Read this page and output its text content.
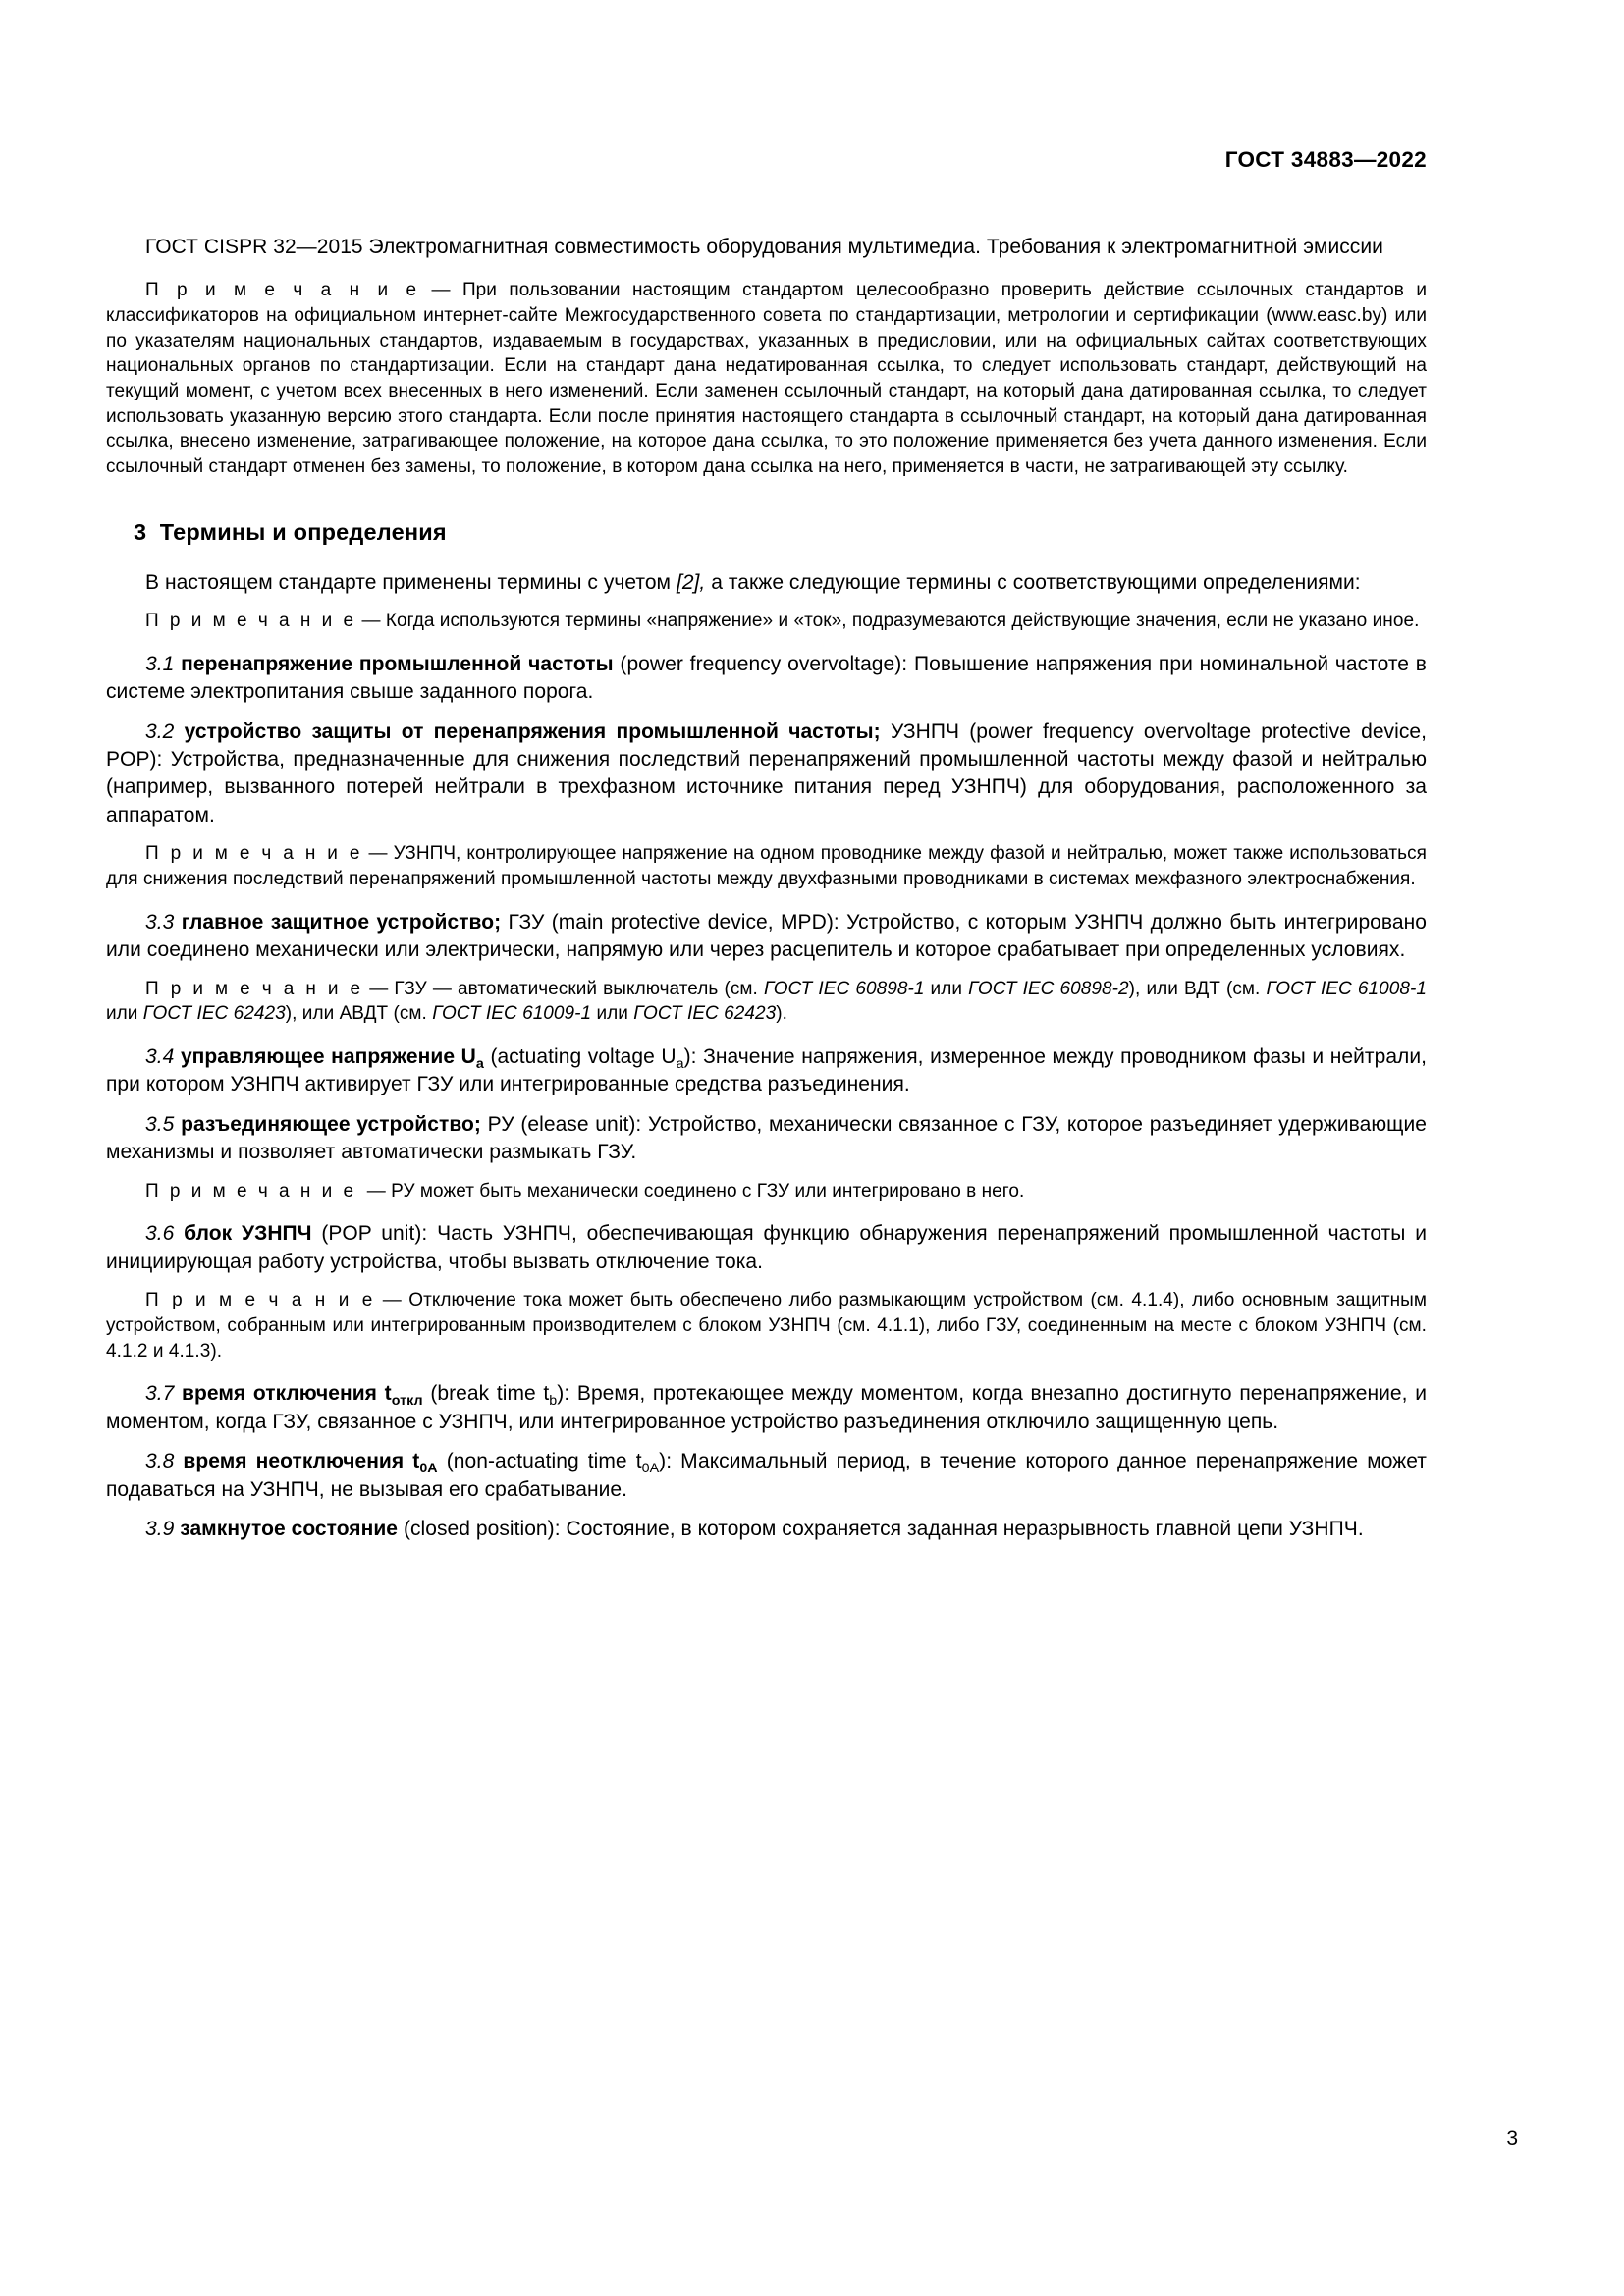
ГОСТ 34883—2022

ГОСТ CISPR 32—2015 Электромагнитная совместимость оборудования мультимедиа. Требования к электромагнитной эмиссии

П р и м е ч а н и е — При пользовании настоящим стандартом целесообразно проверить действие ссылочных стандартов и классификаторов на официальном интернет-сайте Межгосударственного совета по стандартизации, метрологии и сертификации (www.easc.by) или по указателям национальных стандартов, издаваемым в государствах, указанных в предисловии, или на официальных сайтах соответствующих национальных органов по стандартизации. Если на стандарт дана недатированная ссылка, то следует использовать стандарт, действующий на текущий момент, с учетом всех внесенных в него изменений. Если заменен ссылочный стандарт, на который дана датированная ссылка, то следует использовать указанную версию этого стандарта. Если после принятия настоящего стандарта в ссылочный стандарт, на который дана датированная ссылка, внесено изменение, затрагивающее положение, на которое дана ссылка, то это положение применяется без учета данного изменения. Если ссылочный стандарт отменен без замены, то положение, в котором дана ссылка на него, применяется в части, не затрагивающей эту ссылку.

3 Термины и определения

В настоящем стандарте применены термины с учетом [2], а также следующие термины с соответствующими определениями:

П р и м е ч а н и е — Когда используются термины «напряжение» и «ток», подразумеваются действующие значения, если не указано иное.

3.1 перенапряжение промышленной частоты (power frequency overvoltage): Повышение напряжения при номинальной частоте в системе электропитания свыше заданного порога.

3.2 устройство защиты от перенапряжения промышленной частоты; УЗНПЧ (power frequency overvoltage protective device, POP): Устройства, предназначенные для снижения последствий перенапряжений промышленной частоты между фазой и нейтралью (например, вызванного потерей нейтрали в трехфазном источнике питания перед УЗНПЧ) для оборудования, расположенного за аппаратом.

П р и м е ч а н и е — УЗНПЧ, контролирующее напряжение на одном проводнике между фазой и нейтралью, может также использоваться для снижения последствий перенапряжений промышленной частоты между двухфазными проводниками в системах межфазного электроснабжения.

3.3 главное защитное устройство; ГЗУ (main protective device, MPD): Устройство, с которым УЗНПЧ должно быть интегрировано или соединено механически или электрически, напрямую или через расцепитель и которое срабатывает при определенных условиях.

П р и м е ч а н и е — ГЗУ — автоматический выключатель (см. ГОСТ IEC 60898-1 или ГОСТ IEC 60898-2), или ВДТ (см. ГОСТ IEC 61008-1 или ГОСТ IEC 62423), или АВДТ (см. ГОСТ IEC 61009-1 или ГОСТ IEC 62423).

3.4 управляющее напряжение $U_a$ (actuating voltage $U_a$): Значение напряжения, измеренное между проводником фазы и нейтрали, при котором УЗНПЧ активирует ГЗУ или интегрированные средства разъединения.

3.5 разъединяющее устройство; РУ (elease unit): Устройство, механически связанное с ГЗУ, которое разъединяет удерживающие механизмы и позволяет автоматически размыкать ГЗУ.

П р и м е ч а н и е  — РУ может быть механически соединено с ГЗУ или интегрировано в него.

3.6 блок УЗНПЧ (POP unit): Часть УЗНПЧ, обеспечивающая функцию обнаружения перенапряжений промышленной частоты и инициирующая работу устройства, чтобы вызвать отключение тока.

П р и м е ч а н и е — Отключение тока может быть обеспечено либо размыкающим устройством (см. 4.1.4), либо основным защитным устройством, собранным или интегрированным производителем с блоком УЗНПЧ (см. 4.1.1), либо ГЗУ, соединенным на месте с блоком УЗНПЧ (см. 4.1.2 и 4.1.3).

3.7 время отключения $t_{откл}$ (break time $t_b$): Время, протекающее между моментом, когда внезапно достигнуто перенапряжение, и моментом, когда ГЗУ, связанное с УЗНПЧ, или интегрированное устройство разъединения отключило защищенную цепь.

3.8 время неотключения $t_{0A}$ (non-actuating time $t_{0A}$): Максимальный период, в течение которого данное перенапряжение может подаваться на УЗНПЧ, не вызывая его срабатывание.

3.9 замкнутое состояние (closed position): Состояние, в котором сохраняется заданная неразрывность главной цепи УЗНПЧ.

3
